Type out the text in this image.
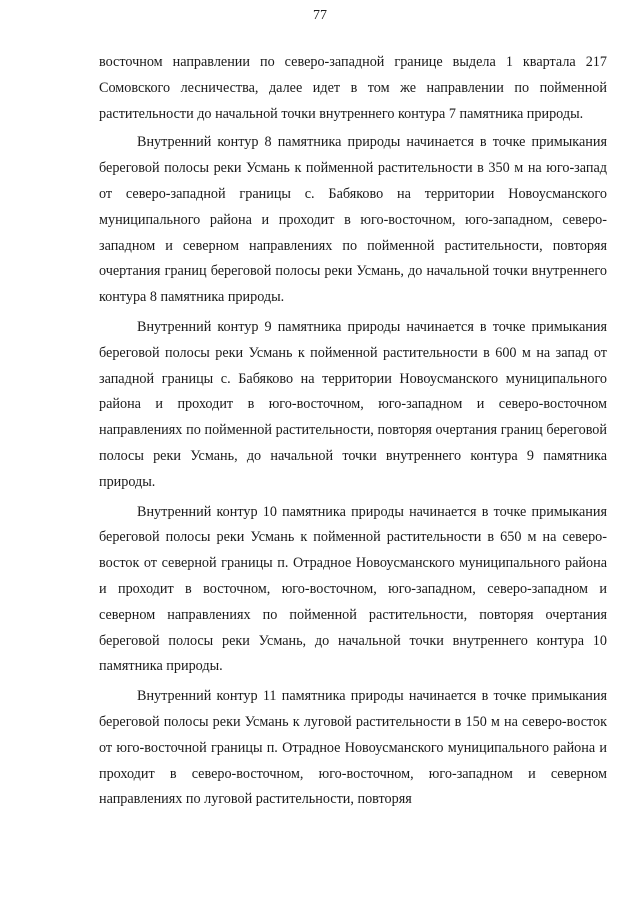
77

восточном направлении по северо-западной границе выдела 1 квартала 217 Сомовского лесничества, далее идет в том же направлении по пойменной растительности до начальной точки внутреннего контура 7 памятника природы.

Внутренний контур 8 памятника природы начинается в точке примыкания береговой полосы реки Усмань к пойменной растительности в 350 м на юго-запад от северо-западной границы с. Бабяково на территории Новоусманского муниципального района и проходит в юго-восточном, юго-западном, северо-западном и северном направлениях по пойменной растительности, повторяя очертания границ береговой полосы реки Усмань, до начальной точки внутреннего контура 8 памятника природы.

Внутренний контур 9 памятника природы начинается в точке примыкания береговой полосы реки Усмань к пойменной растительности в 600 м на запад от западной границы с. Бабяково на территории Новоусманского муниципального района и проходит в юго-восточном, юго-западном и северо-восточном направлениях по пойменной растительности, повторяя очертания границ береговой полосы реки Усмань, до начальной точки внутреннего контура 9 памятника природы.

Внутренний контур 10 памятника природы начинается в точке примыкания береговой полосы реки Усмань к пойменной растительности в 650 м на северо-восток от северной границы п. Отрадное Новоусманского муниципального района и проходит в восточном, юго-восточном, юго-западном, северо-западном и северном направлениях по пойменной растительности, повторяя очертания береговой полосы реки Усмань, до начальной точки внутреннего контура 10 памятника природы.

Внутренний контур 11 памятника природы начинается в точке примыкания береговой полосы реки Усмань к луговой растительности в 150 м на северо-восток от юго-восточной границы п. Отрадное Новоусманского муниципального района и проходит в северо-восточном, юго-восточном, юго-западном и северном направлениях по луговой растительности, повторяя
